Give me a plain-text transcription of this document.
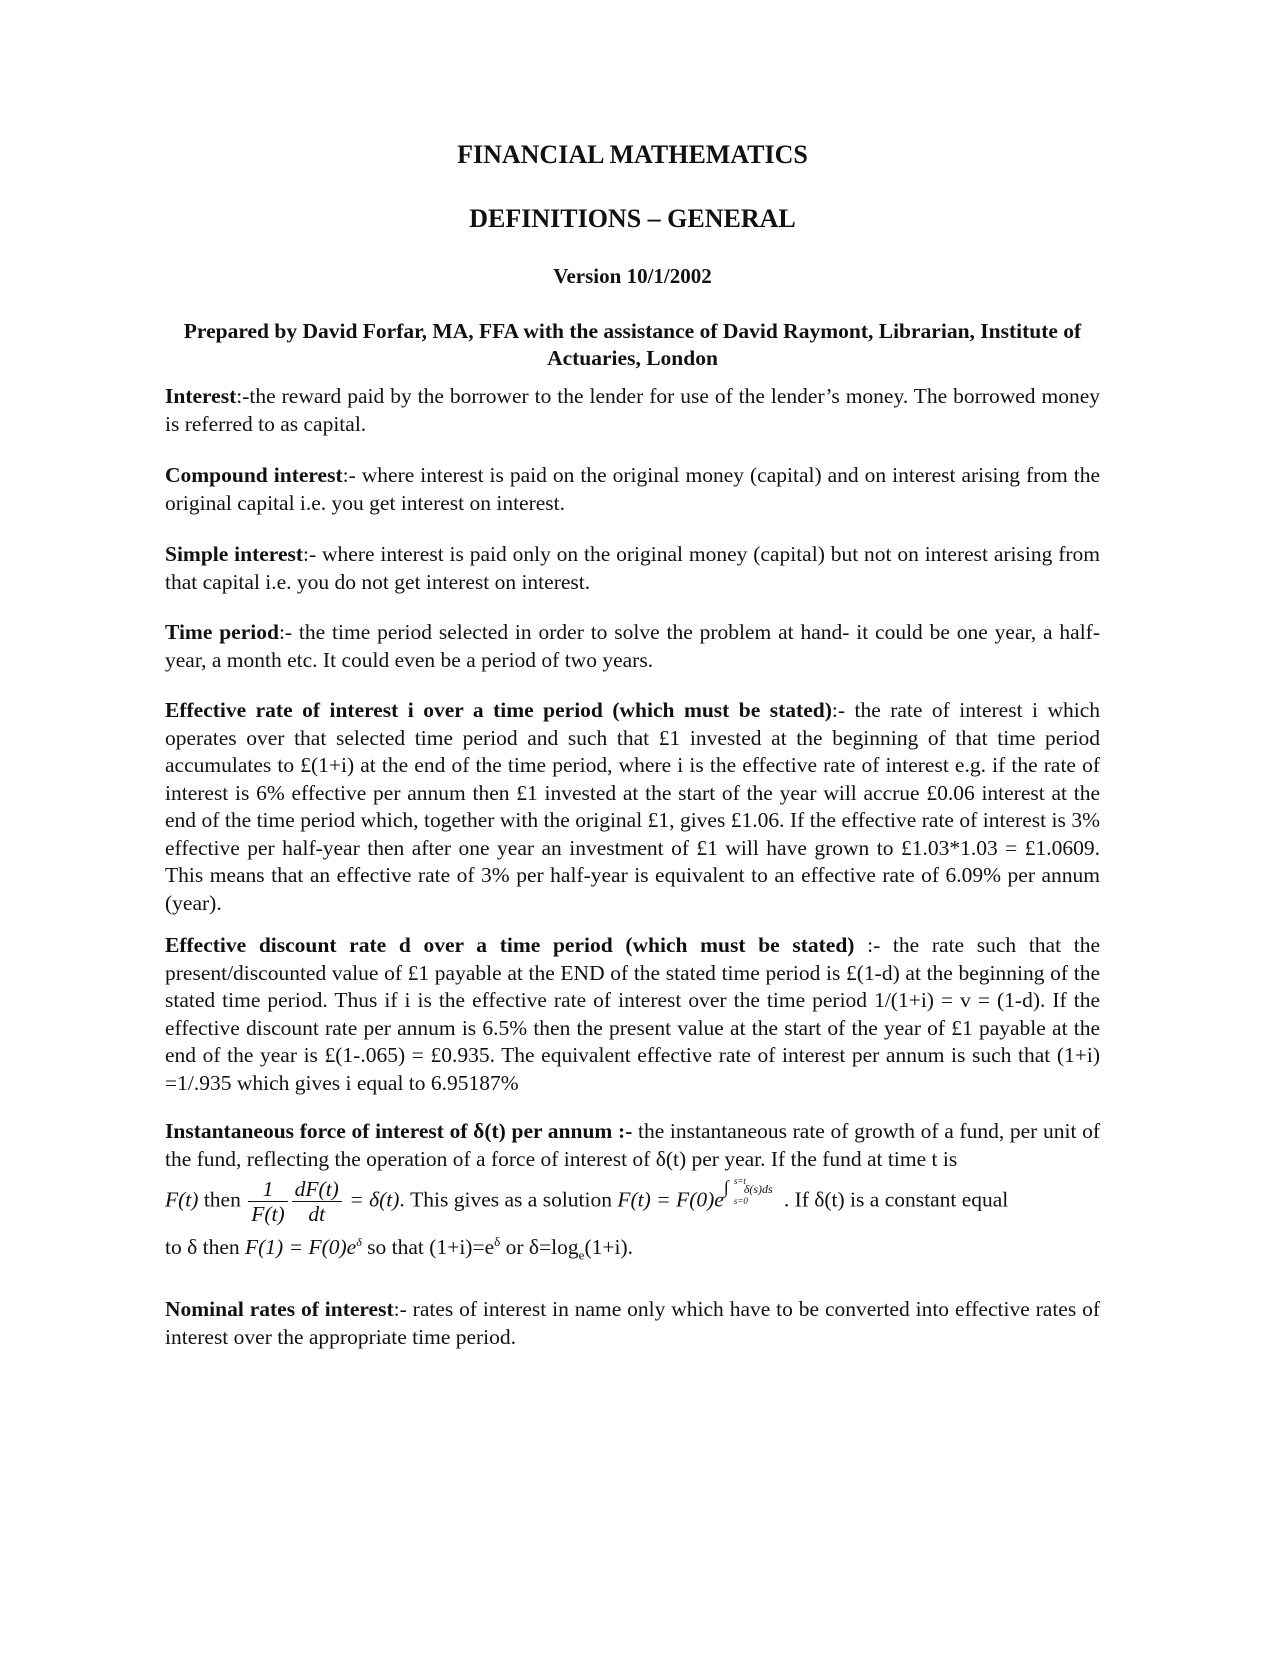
FINANCIAL MATHEMATICS

DEFINITIONS – GENERAL

Version 10/1/2002

Prepared by David Forfar, MA, FFA with the assistance of David Raymont, Librarian, Institute of Actuaries, London

Interest:-the reward paid by the borrower to the lender for use of the lender’s money. The borrowed money is referred to as capital.

Compound interest:- where interest is paid on the original money (capital) and on interest arising from the original capital i.e. you get interest on interest.

Simple interest:- where interest is paid only on the original money (capital) but not on interest arising from that capital i.e. you do not get interest on interest.

Time period:- the time period selected in order to solve the problem at hand- it could be one year, a half-year, a month etc. It could even be a period of two years.

Effective rate of interest i over a time period (which must be stated):- the rate of interest i which operates over that selected time period and such that £1 invested at the beginning of that time period accumulates to £(1+i) at the end of the time period, where i is the effective rate of interest e.g. if the rate of interest is 6% effective per annum then £1 invested at the start of the year will accrue £0.06 interest at the end of the time period which, together with the original £1, gives £1.06. If the effective rate of interest is 3% effective per half-year then after one year an investment of £1 will have grown to £1.03*1.03 = £1.0609. This means that an effective rate of 3% per half-year is equivalent to an effective rate of 6.09% per annum (year).

Effective discount rate d over a time period (which must be stated) :- the rate such that the present/discounted value of £1 payable at the END of the stated time period is £(1-d) at the beginning of the stated time period. Thus if i is the effective rate of interest over the time period 1/(1+i) = v = (1-d). If the effective discount rate per annum is 6.5% then the present value at the start of the year of £1 payable at the end of the year is £(1-.065) = £0.935. The equivalent effective rate of interest per annum is such that (1+i) =1/.935 which gives i equal to 6.95187%

Instantaneous force of interest of δ(t) per annum :- the instantaneous rate of growth of a fund, per unit of the fund, reflecting the operation of a force of interest of δ(t) per year. If the fund at time t is
F(t) then $\frac{1}{F(t)} \frac{dF(t)}{dt} = \delta(t)$. This gives as a solution F(t) = F(0)e
∫ s=t
s=0
δ(s)ds . If δ(t) is a constant equal
to δ then $F(1) = F(0)e^\delta$ so that $(1+i)=e^\delta$ or $\delta=\log_e(1+i)$.

Nominal rates of interest:- rates of interest in name only which have to be converted into effective rates of interest over the appropriate time period.
